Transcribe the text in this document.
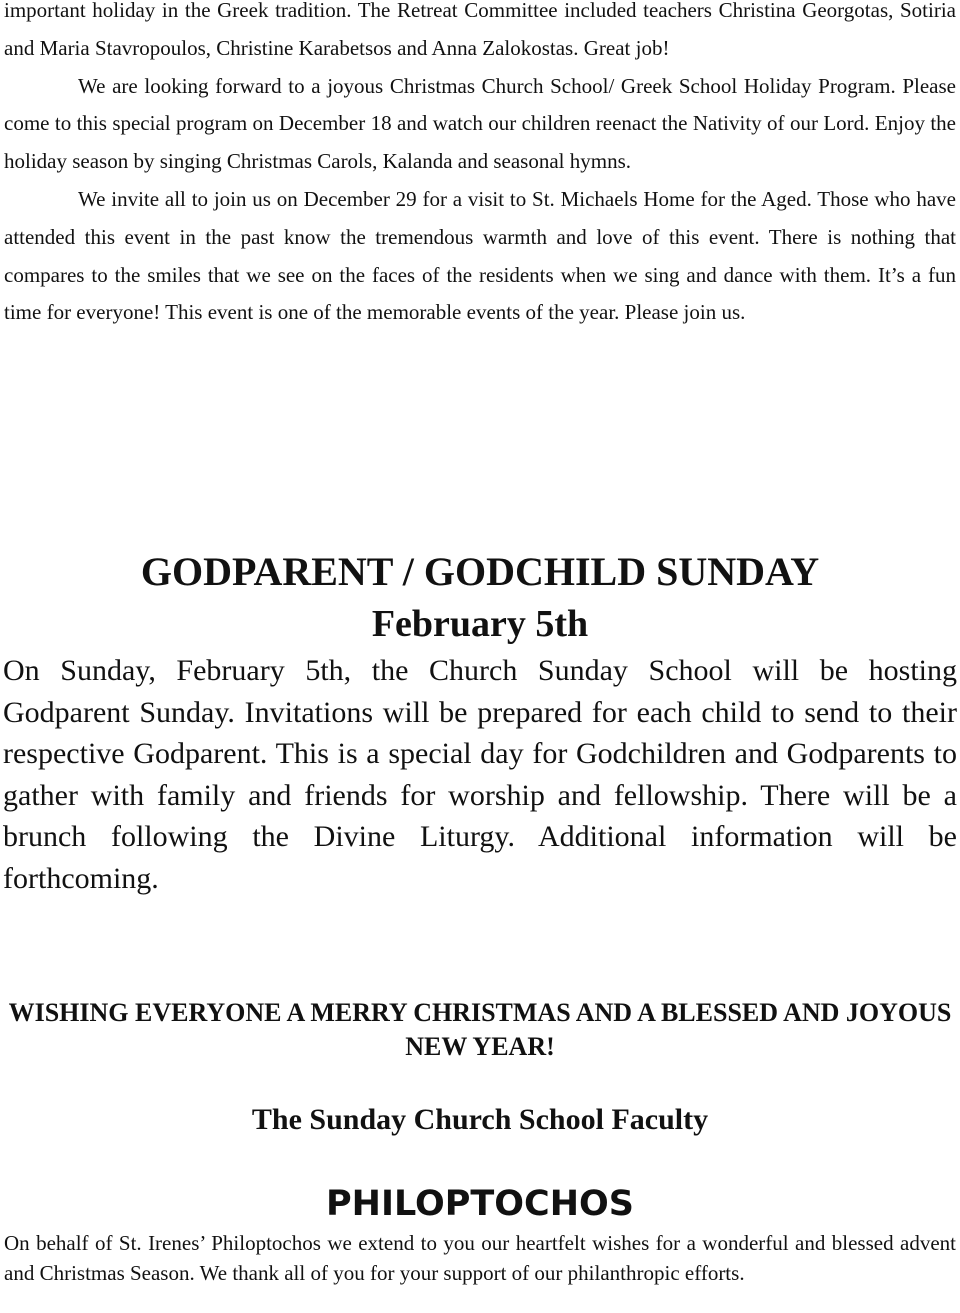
important holiday in the Greek tradition. The Retreat Committee included teachers Christina Georgotas, Sotiria and Maria Stavropoulos, Christine Karabetsos and Anna Zalokostas. Great job!

We are looking forward to a joyous Christmas Church School/ Greek School Holiday Program. Please come to this special program on December 18 and watch our children reenact the Nativity of our Lord. Enjoy the holiday season by singing Christmas Carols, Kalanda and seasonal hymns.

We invite all to join us on December 29 for a visit to St. Michaels Home for the Aged. Those who have attended this event in the past know the tremendous warmth and love of this event. There is nothing that compares to the smiles that we see on the faces of the residents when we sing and dance with them. It’s a fun time for everyone! This event is one of the memorable events of the year. Please join us.

GODPARENT / GODCHILD SUNDAY
February 5th

On Sunday, February 5th, the Church Sunday School will be hosting Godparent Sunday. Invitations will be prepared for each child to send to their respective Godparent. This is a special day for Godchildren and Godparents to gather with family and friends for worship and fellowship. There will be a brunch following the Divine Liturgy. Additional information will be forthcoming.

WISHING EVERYONE A MERRY CHRISTMAS AND A BLESSED AND JOYOUS NEW YEAR!

The Sunday Church School Faculty

PHILOPTOCHOS

On behalf of St. Irenes’ Philoptochos we extend to you our heartfelt wishes for a wonderful and blessed advent and Christmas Season. We thank all of you for your support of our philanthropic efforts.
